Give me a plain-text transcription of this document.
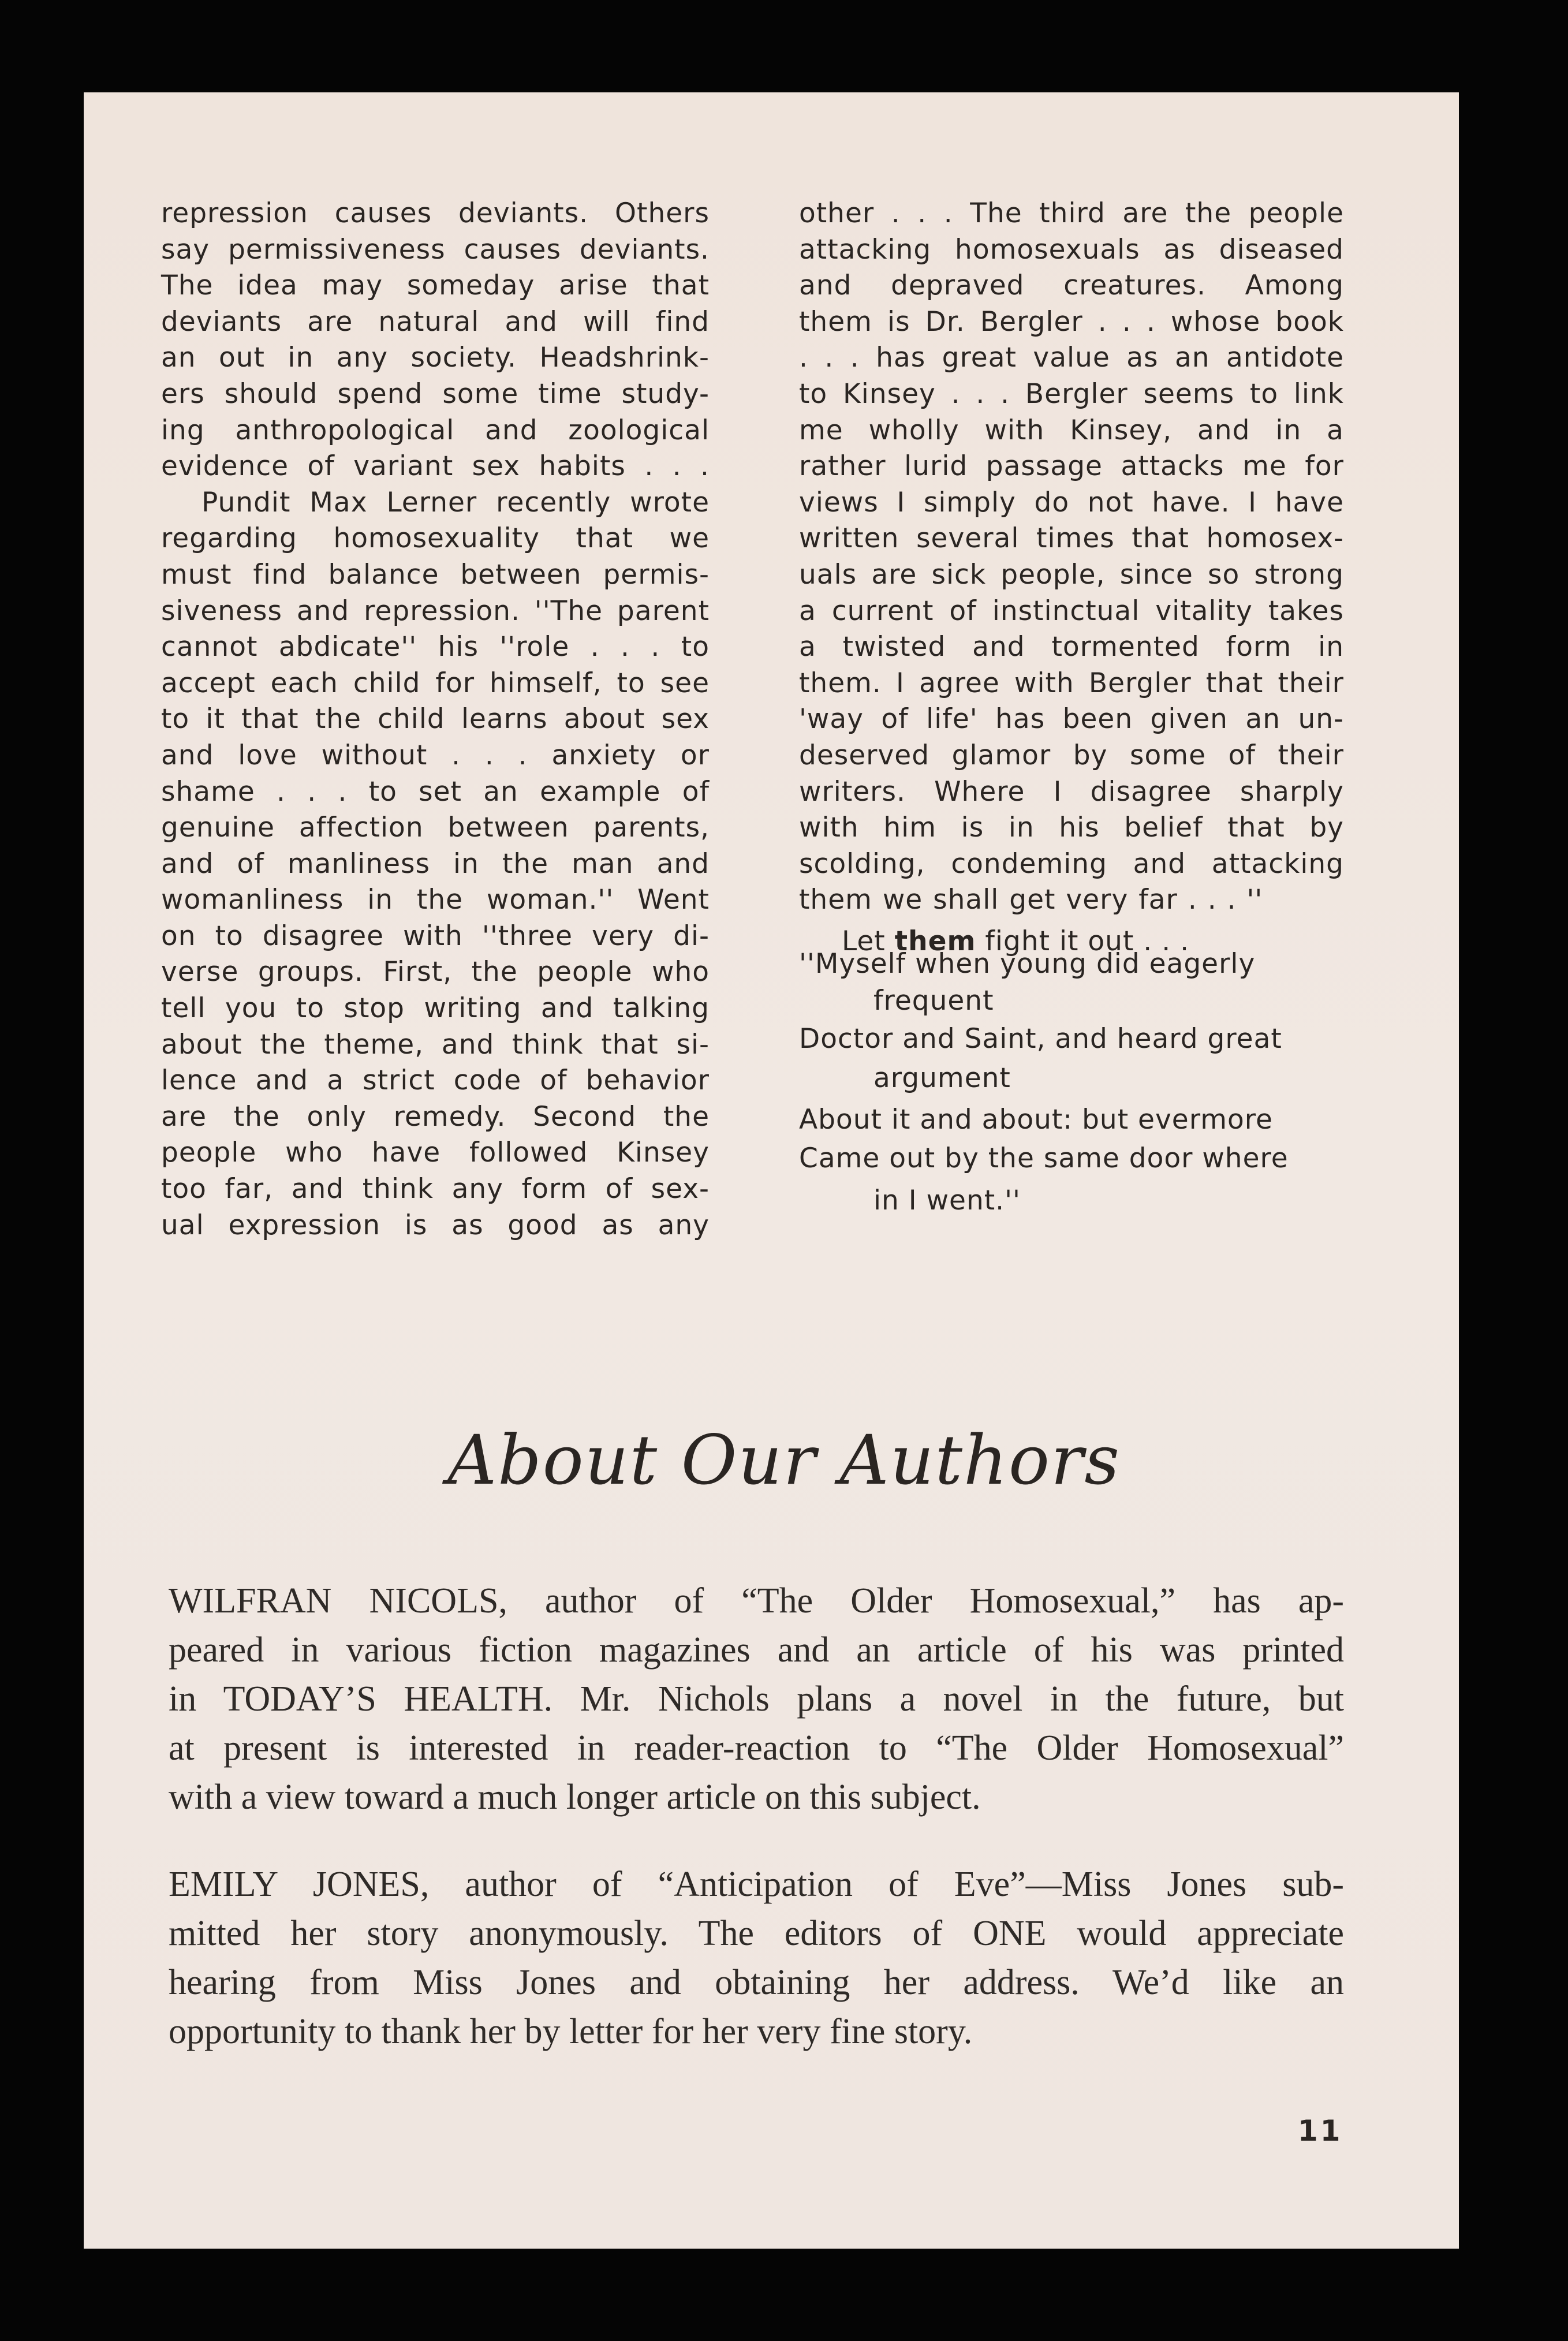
repression causes deviants. Others
say permissiveness causes deviants.
The idea may someday arise that
deviants are natural and will find
an out in any society. Headshrink-
ers should spend some time study-
ing anthropological and zoological
evidence of variant sex habits . . .
Pundit Max Lerner recently wrote
regarding homosexuality that we
must find balance between permis-
siveness and repression. ''The parent
cannot abdicate'' his ''role . . . to
accept each child for himself, to see
to it that the child learns about sex
and love without . . . anxiety or
shame . . . to set an example of
genuine affection between parents,
and of manliness in the man and
womanliness in the woman.'' Went
on to disagree with ''three very di-
verse groups. First, the people who
tell you to stop writing and talking
about the theme, and think that si-
lence and a strict code of behavior
are the only remedy. Second the
people who have followed Kinsey
too far, and think any form of sex-
ual expression is as good as any
other . . . The third are the people
attacking homosexuals as diseased
and depraved creatures. Among
them is Dr. Bergler . . . whose book
. . . has great value as an antidote
to Kinsey . . . Bergler seems to link
me wholly with Kinsey, and in a
rather lurid passage attacks me for
views I simply do not have. I have
written several times that homosex-
uals are sick people, since so strong
a current of instinctual vitality takes
a twisted and tormented form in
them. I agree with Bergler that their
'way of life' has been given an un-
deserved glamor by some of their
writers. Where I disagree sharply
with him is in his belief that by
scolding, condeming and attacking
them we shall get very far . . . ''
Let them fight it out . . .
''Myself when young did eagerly
frequent
Doctor and Saint, and heard great
argument
About it and about: but evermore
Came out by the same door where
in I went.''
About Our Authors
WILFRAN NICOLS, author of “The Older Homosexual,” has ap-
peared in various fiction magazines and an article of his was printed
in TODAY’S HEALTH. Mr. Nichols plans a novel in the future, but
at present is interested in reader-reaction to “The Older Homosexual”
with a view toward a much longer article on this subject.
EMILY JONES, author of “Anticipation of Eve”—Miss Jones sub-
mitted her story anonymously. The editors of ONE would appreciate
hearing from Miss Jones and obtaining her address. We’d like an
opportunity to thank her by letter for her very fine story.
11
